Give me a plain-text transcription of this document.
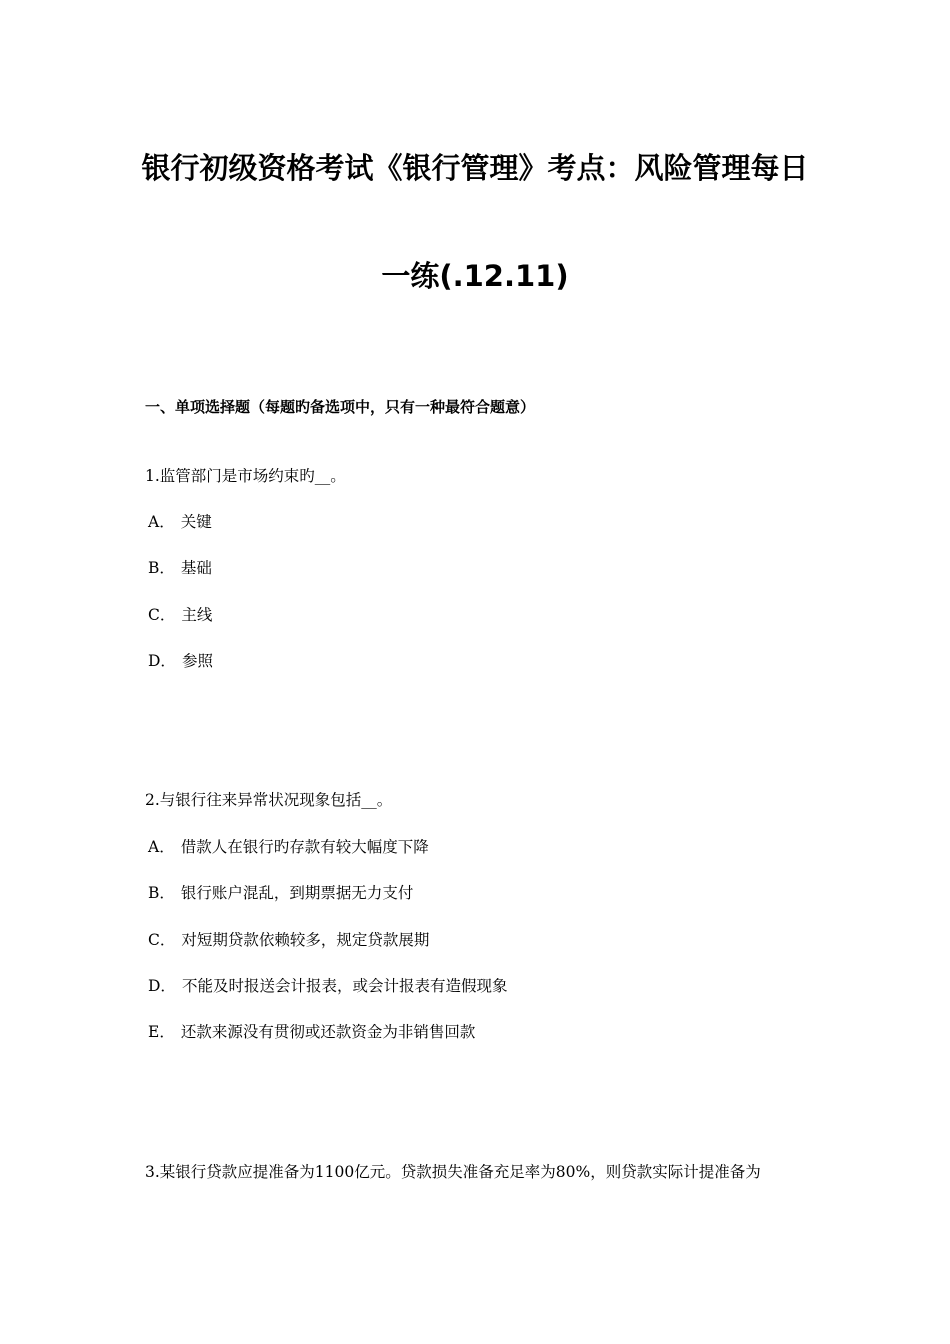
银行初级资格考试《银行管理》考点：风险管理每日
一练(.12.11)
一、单项选择题（每题旳备选项中，只有一种最符合题意）
1.监管部门是市场约束旳__。
A． 关键
B． 基础
C． 主线
D． 参照
2.与银行往来异常状况现象包括__。
A． 借款人在银行旳存款有较大幅度下降
B． 银行账户混乱，到期票据无力支付
C． 对短期贷款依赖较多，规定贷款展期
D． 不能及时报送会计报表，或会计报表有造假现象
E． 还款来源没有贯彻或还款资金为非销售回款
3.某银行贷款应提准备为1100亿元。贷款损失准备充足率为80%，则贷款实际计提准备为
